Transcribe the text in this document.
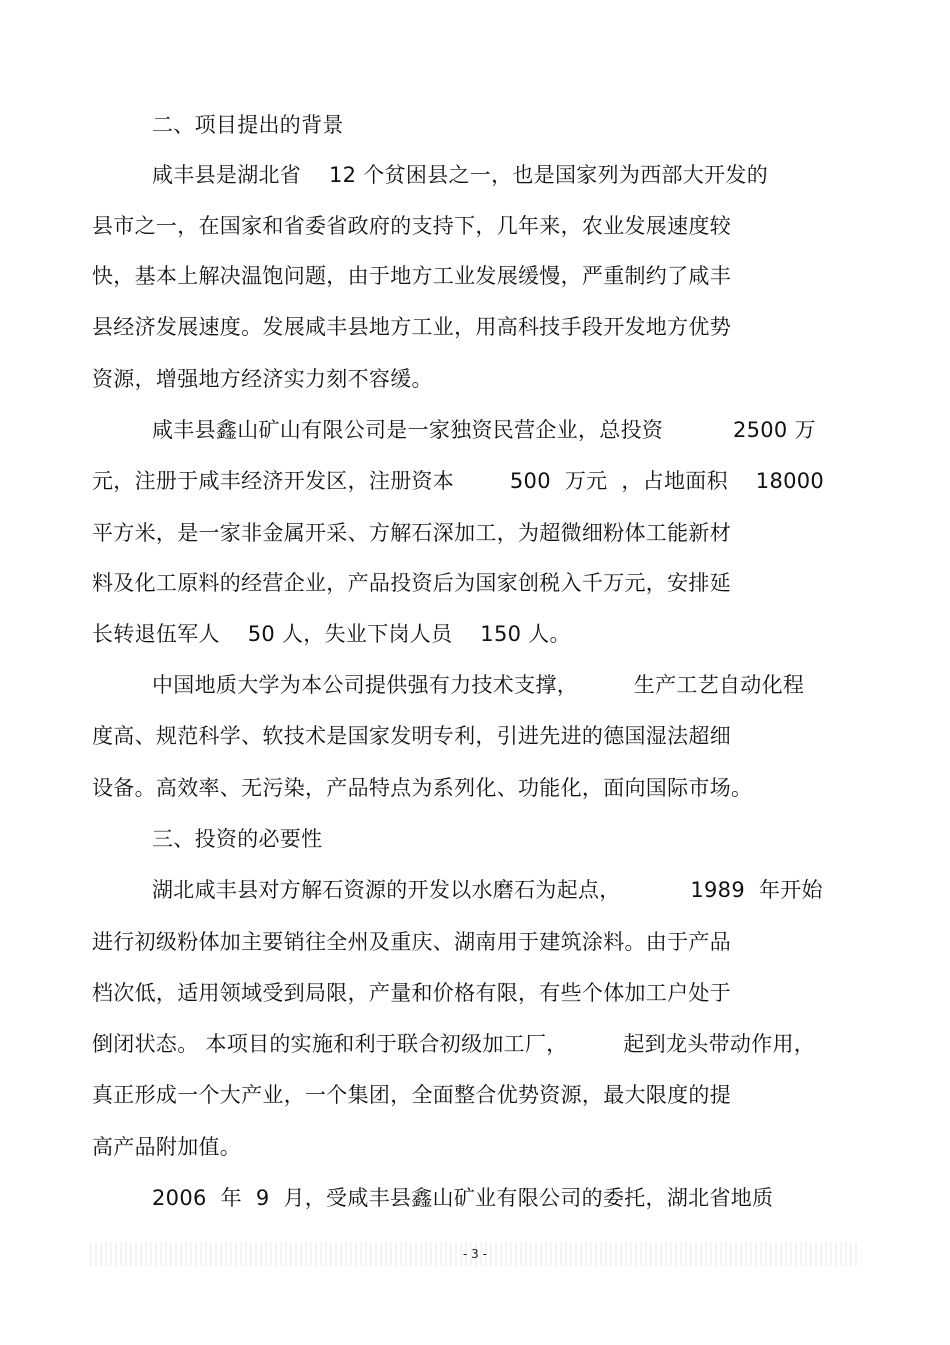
二、项目提出的背景
咸丰县是湖北省    12 个贫困县之一，也是国家列为西部大开发的
县市之一，在国家和省委省政府的支持下，几年来，农业发展速度较
快，基本上解决温饱问题，由于地方工业发展缓慢，严重制约了咸丰
县经济发展速度。发展咸丰县地方工业，用高科技手段开发地方优势
资源，增强地方经济实力刻不容缓。
咸丰县鑫山矿山有限公司是一家独资民营企业，总投资          2500 万
元，注册于咸丰经济开发区，注册资本        500  万元  ，占地面积    18000
平方米，是一家非金属开采、方解石深加工，为超微细粉体工能新材
料及化工原料的经营企业，产品投资后为国家创税入千万元，安排延
长转退伍军人    50 人，失业下岗人员    150 人。
中国地质大学为本公司提供强有力技术支撑，        生产工艺自动化程
度高、规范科学、软技术是国家发明专利，引进先进的德国湿法超细
设备。高效率、无污染，产品特点为系列化、功能化，面向国际市场。
三、投资的必要性
湖北咸丰县对方解石资源的开发以水磨石为起点，          1989  年开始
进行初级粉体加主要销往全州及重庆、湖南用于建筑涂料。由于产品
档次低，适用领域受到局限，产量和价格有限，有些个体加工户处于
倒闭状态。 本项目的实施和利于联合初级加工厂，        起到龙头带动作用，
真正形成一个大产业，一个集团，全面整合优势资源，最大限度的提
高产品附加值。
2006  年  9  月，受咸丰县鑫山矿业有限公司的委托，湖北省地质
- 3 -
